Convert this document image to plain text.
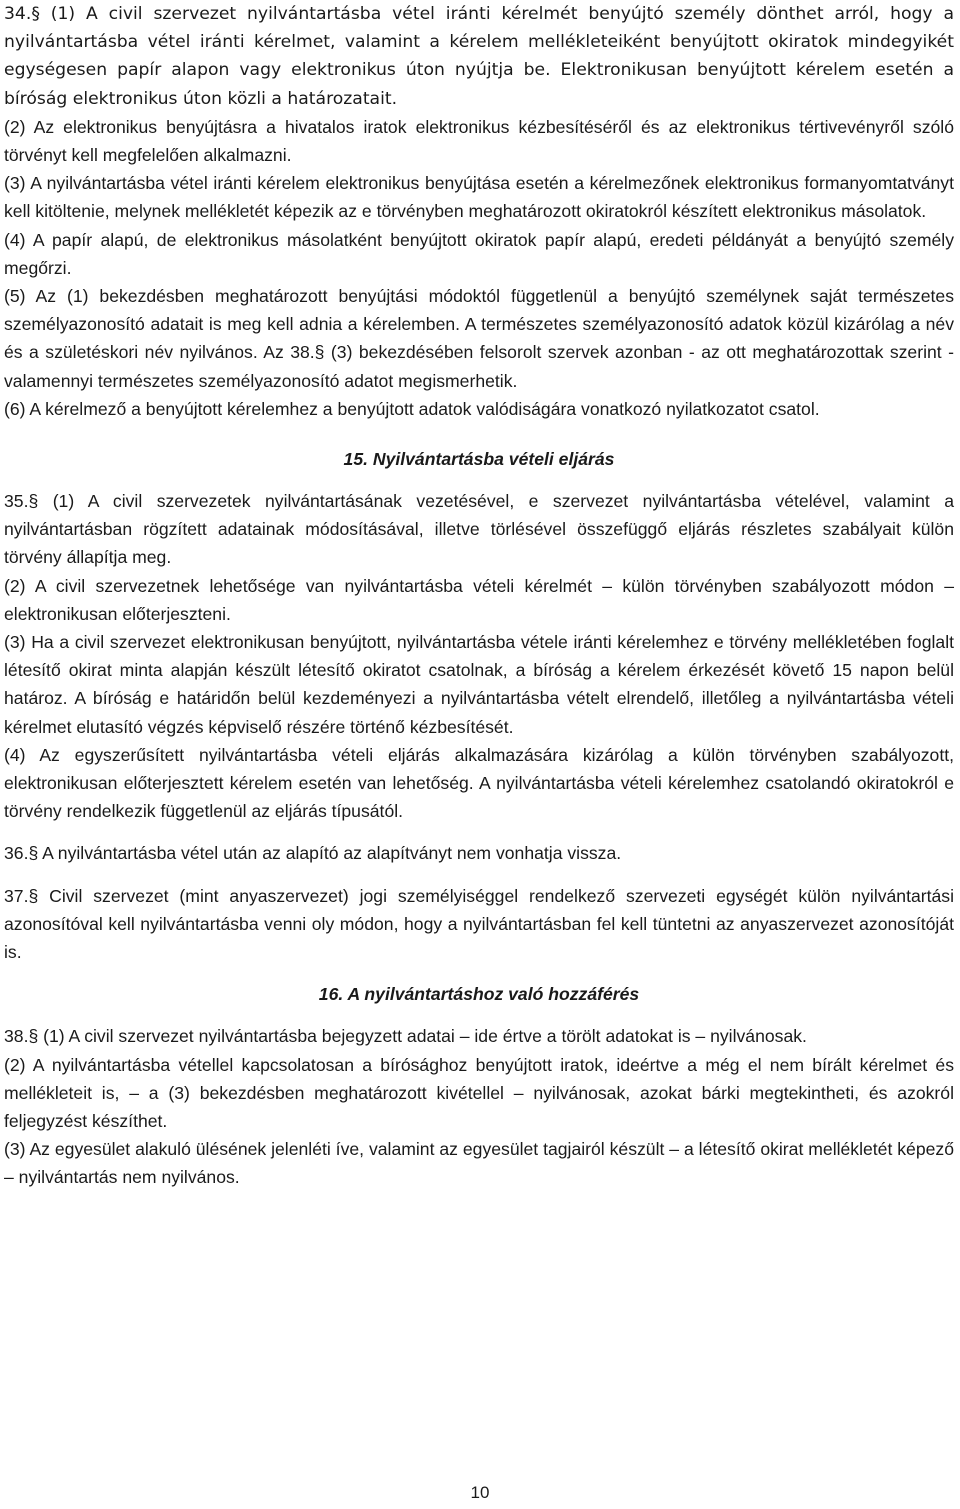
34.§ (1) A civil szervezet nyilvántartásba vétel iránti kérelmét benyújtó személy dönthet arról, hogy a nyilvántartásba vétel iránti kérelmet, valamint a kérelem mellékleteiként benyújtott okiratok mindegyikét egységesen papír alapon vagy elektronikus úton nyújtja be. Elektronikusan benyújtott kérelem esetén a bíróság elektronikus úton közli a határozatait.

(2) Az elektronikus benyújtásra a hivatalos iratok elektronikus kézbesítéséről és az elektronikus tértivevényről szóló törvényt kell megfelelően alkalmazni.

(3) A nyilvántartásba vétel iránti kérelem elektronikus benyújtása esetén a kérelmezőnek elektronikus formanyomtatványt kell kitöltenie, melynek mellékletét képezik az e törvényben meghatározott okiratokról készített elektronikus másolatok.

(4) A papír alapú, de elektronikus másolatként benyújtott okiratok papír alapú, eredeti példányát a benyújtó személy megőrzi.

(5) Az (1) bekezdésben meghatározott benyújtási módoktól függetlenül a benyújtó személynek saját természetes személyazonosító adatait is meg kell adnia a kérelemben. A természetes személyazonosító adatok közül kizárólag a név és a születéskori név nyilvános. Az 38.§ (3) bekezdésében felsorolt szervek azonban - az ott meghatározottak szerint - valamennyi természetes személyazonosító adatot megismerhetik.

(6) A kérelmező a benyújtott kérelemhez a benyújtott adatok valódiságára vonatkozó nyilatkozatot csatol.

15. Nyilvántartásba vételi eljárás

35.§ (1) A civil szervezetek nyilvántartásának vezetésével, e szervezet nyilvántartásba vételével, valamint a nyilvántartásban rögzített adatainak módosításával, illetve törlésével összefüggő eljárás részletes szabályait külön törvény állapítja meg.

(2) A civil szervezetnek lehetősége van nyilvántartásba vételi kérelmét – külön törvényben szabályozott módon – elektronikusan előterjeszteni.

(3) Ha a civil szervezet elektronikusan benyújtott, nyilvántartásba vétele iránti kérelemhez e törvény mellékletében foglalt létesítő okirat minta alapján készült létesítő okiratot csatolnak, a bíróság a kérelem érkezését követő 15 napon belül határoz. A bíróság e határidőn belül kezdeményezi a nyilvántartásba vételt elrendelő, illetőleg a nyilvántartásba vételi kérelmet elutasító végzés képviselő részére történő kézbesítését.

(4) Az egyszerűsített nyilvántartásba vételi eljárás alkalmazására kizárólag a külön törvényben szabályozott, elektronikusan előterjesztett kérelem esetén van lehetőség. A nyilvántartásba vételi kérelemhez csatolandó okiratokról e törvény rendelkezik függetlenül az eljárás típusától.

36.§ A nyilvántartásba vétel után az alapító az alapítványt nem vonhatja vissza.

37.§ Civil szervezet (mint anyaszervezet) jogi személyiséggel rendelkező szervezeti egységét külön nyilvántartási azonosítóval kell nyilvántartásba venni oly módon, hogy a nyilvántartásban fel kell tüntetni az anyaszervezet azonosítóját is.

16. A nyilvántartáshoz való hozzáférés

38.§ (1) A civil szervezet nyilvántartásba bejegyzett adatai – ide értve a törölt adatokat is – nyilvánosak.

(2) A nyilvántartásba vétellel kapcsolatosan a bírósághoz benyújtott iratok, ideértve a még el nem bírált kérelmet és mellékleteit is, – a (3) bekezdésben meghatározott kivétellel – nyilvánosak, azokat bárki megtekintheti, és azokról feljegyzést készíthet.

(3) Az egyesület alakuló ülésének jelenléti íve, valamint az egyesület tagjairól készült – a létesítő okirat mellékletét képező – nyilvántartás nem nyilvános.

10
